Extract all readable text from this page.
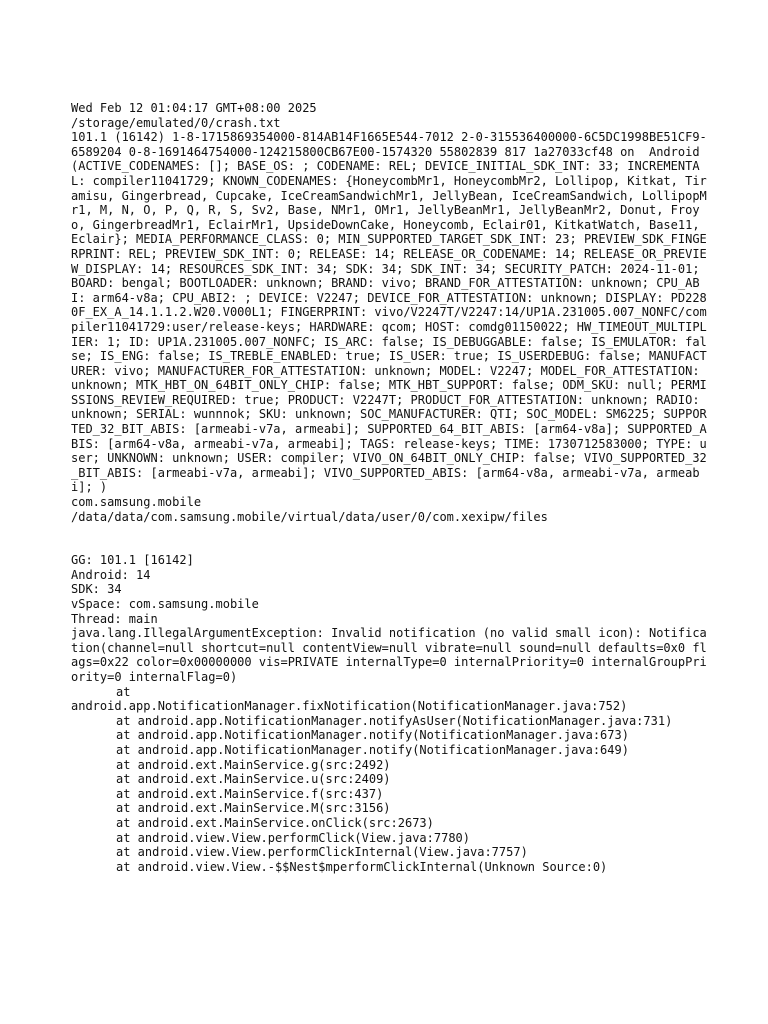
Wed Feb 12 01:04:17 GMT+08:00 2025
/storage/emulated/0/crash.txt
101.1 (16142) 1-8-1715869354000-814AB14F1665E544-7012 2-0-315536400000-6C5DC1998BE51CF9-6589204 0-8-1691464754000-124215800CB67E00-1574320 55802839 817 1a27033cf48 on  Android(ACTIVE_CODENAMES: []; BASE_OS: ; CODENAME: REL; DEVICE_INITIAL_SDK_INT: 33; INCREMENTAL: compiler11041729; KNOWN_CODENAMES: {HoneycombMr1, HoneycombMr2, Lollipop, Kitkat, Tiramisu, Gingerbread, Cupcake, IceCreamSandwichMr1, JellyBean, IceCreamSandwich, LollipopMr1, M, N, O, P, Q, R, S, Sv2, Base, NMr1, OMr1, JellyBeanMr1, JellyBeanMr2, Donut, Froyo, GingerbreadMr1, EclairMr1, UpsideDownCake, Honeycomb, Eclair01, KitkatWatch, Base11, Eclair}; MEDIA_PERFORMANCE_CLASS: 0; MIN_SUPPORTED_TARGET_SDK_INT: 23; PREVIEW_SDK_FINGERPRINT: REL; PREVIEW_SDK_INT: 0; RELEASE: 14; RELEASE_OR_CODENAME: 14; RELEASE_OR_PREVIEW_DISPLAY: 14; RESOURCES_SDK_INT: 34; SDK: 34; SDK_INT: 34; SECURITY_PATCH: 2024-11-01; BOARD: bengal; BOOTLOADER: unknown; BRAND: vivo; BRAND_FOR_ATTESTATION: unknown; CPU_ABI: arm64-v8a; CPU_ABI2: ; DEVICE: V2247; DEVICE_FOR_ATTESTATION: unknown; DISPLAY: PD2280F_EX_A_14.1.1.2.W20.V000L1; FINGERPRINT: vivo/V2247T/V2247:14/UP1A.231005.007_NONFC/compiler11041729:user/release-keys; HARDWARE: qcom; HOST: comdg01150022; HW_TIMEOUT_MULTIPLIER: 1; ID: UP1A.231005.007_NONFC; IS_ARC: false; IS_DEBUGGABLE: false; IS_EMULATOR: false; IS_ENG: false; IS_TREBLE_ENABLED: true; IS_USER: true; IS_USERDEBUG: false; MANUFACTURER: vivo; MANUFACTURER_FOR_ATTESTATION: unknown; MODEL: V2247; MODEL_FOR_ATTESTATION: unknown; MTK_HBT_ON_64BIT_ONLY_CHIP: false; MTK_HBT_SUPPORT: false; ODM_SKU: null; PERMISSIONS_REVIEW_REQUIRED: true; PRODUCT: V2247T; PRODUCT_FOR_ATTESTATION: unknown; RADIO: unknown; SERIAL: wunnnok; SKU: unknown; SOC_MANUFACTURER: QTI; SOC_MODEL: SM6225; SUPPORTED_32_BIT_ABIS: [armeabi-v7a, armeabi]; SUPPORTED_64_BIT_ABIS: [arm64-v8a]; SUPPORTED_ABIS: [arm64-v8a, armeabi-v7a, armeabi]; TAGS: release-keys; TIME: 1730712583000; TYPE: user; UNKNOWN: unknown; USER: compiler; VIVO_ON_64BIT_ONLY_CHIP: false; VIVO_SUPPORTED_32_BIT_ABIS: [armeabi-v7a, armeabi]; VIVO_SUPPORTED_ABIS: [arm64-v8a, armeabi-v7a, armeabi]; )
com.samsung.mobile
/data/data/com.samsung.mobile/virtual/data/user/0/com.xexipw/files
GG: 101.1 [16142]
Android: 14
SDK: 34
vSpace: com.samsung.mobile
Thread: main
java.lang.IllegalArgumentException: Invalid notification (no valid small icon): Notification(channel=null shortcut=null contentView=null vibrate=null sound=null defaults=0x0 flags=0x22 color=0x00000000 vis=PRIVATE internalType=0 internalPriority=0 internalGroupPriority=0 internalFlag=0)
at
android.app.NotificationManager.fixNotification(NotificationManager.java:752)
at android.app.NotificationManager.notifyAsUser(NotificationManager.java:731)
at android.app.NotificationManager.notify(NotificationManager.java:673)
at android.app.NotificationManager.notify(NotificationManager.java:649)
at android.ext.MainService.g(src:2492)
at android.ext.MainService.u(src:2409)
at android.ext.MainService.f(src:437)
at android.ext.MainService.M(src:3156)
at android.ext.MainService.onClick(src:2673)
at android.view.View.performClick(View.java:7780)
at android.view.View.performClickInternal(View.java:7757)
at android.view.View.-$$Nest$mperformClickInternal(Unknown Source:0)
